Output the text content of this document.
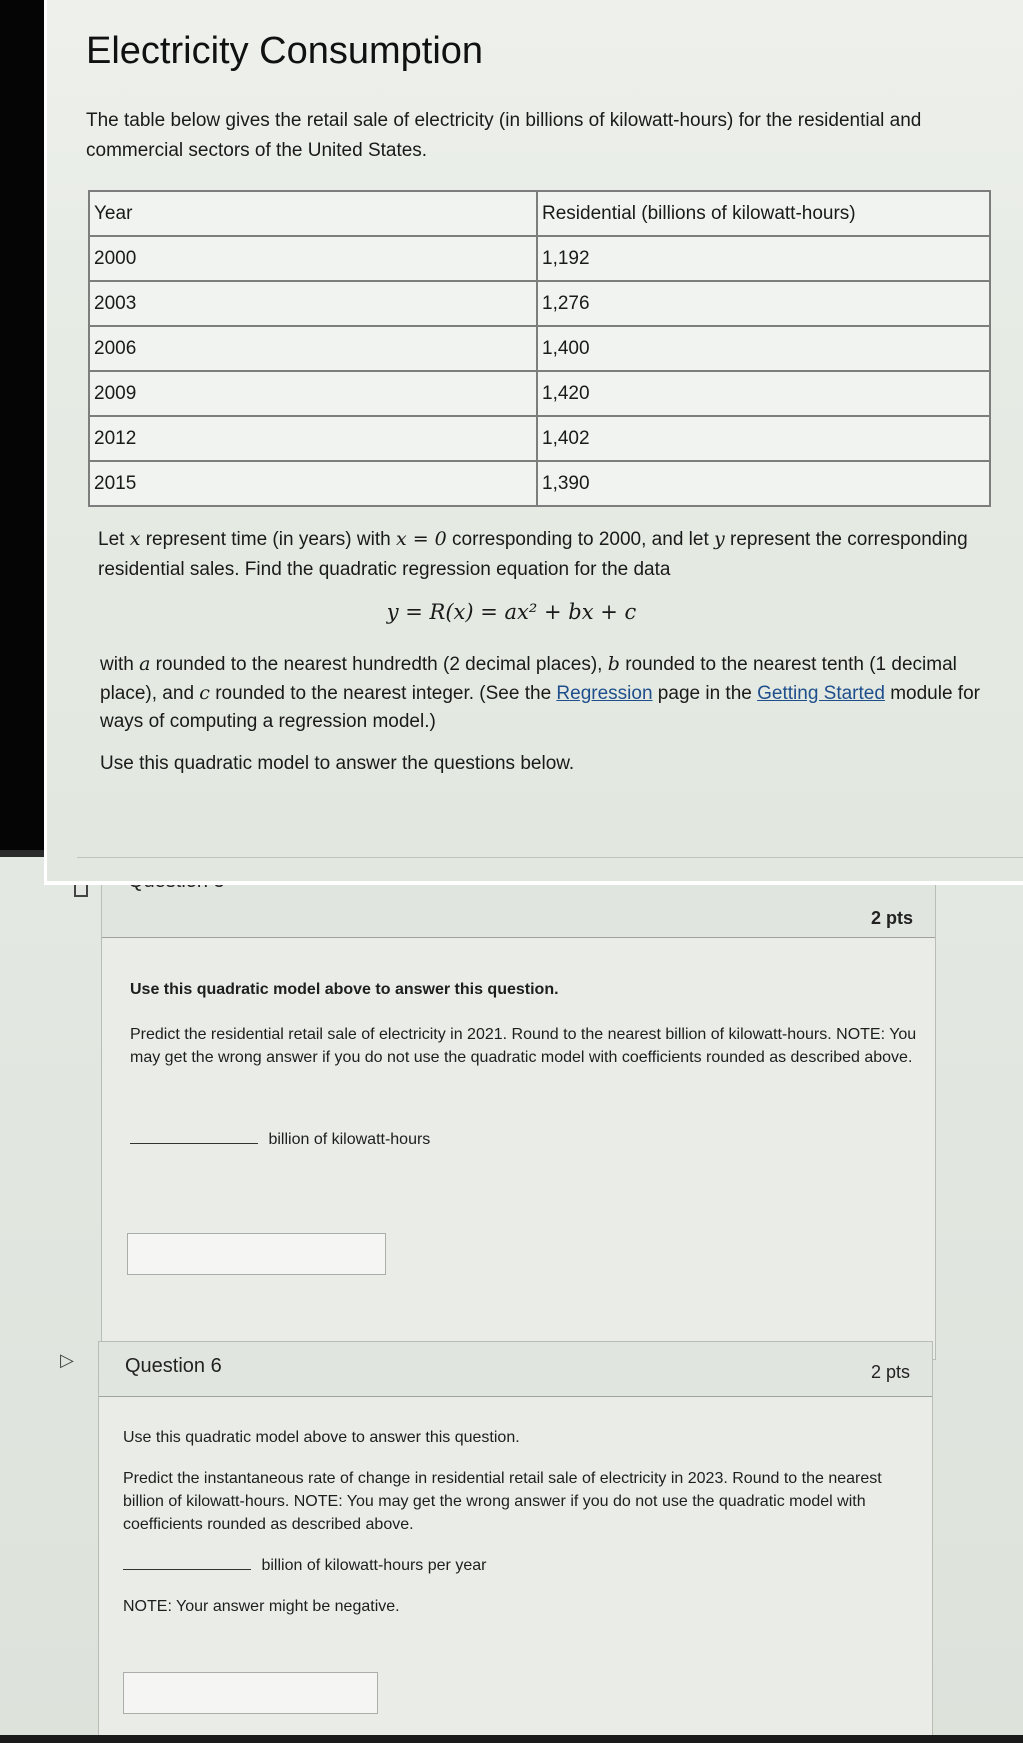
2 pts

Use this quadratic model above to answer this question.

Predict the residential retail sale of electricity in 2021. Round to the nearest billion of kilowatt-hours. NOTE: You may get the wrong answer if you do not use the quadratic model with coefficients rounded as described above.

billion of kilowatt-hours
▷	Question 6	2 pts

Use this quadratic model above to answer this question.

Predict the instantaneous rate of change in residential retail sale of electricity in 2023. Round to the nearest billion of kilowatt-hours. NOTE: You may get the wrong answer if you do not use the quadratic model with coefficients rounded as described above.

billion of kilowatt-hours per year

NOTE: Your answer might be negative.

Electricity Consumption

The table below gives the retail sale of electricity (in billions of kilowatt-hours) for the residential and commercial sectors of the United States.

Year	Residential (billions of kilowatt-hours)
2000	1,192
2003	1,276
2006	1,400
2009	1,420
2012	1,402
2015	1,390

Let x represent time (in years) with x = 0 corresponding to 2000, and let y represent the corresponding residential sales. Find the quadratic regression equation for the data

y = R(x) = ax² + bx + c

with a rounded to the nearest hundredth (2 decimal places), b rounded to the nearest tenth (1 decimal place), and c rounded to the nearest integer. (See the Regression page in the Getting Started module for ways of computing a regression model.)

Use this quadratic model to answer the questions below.
